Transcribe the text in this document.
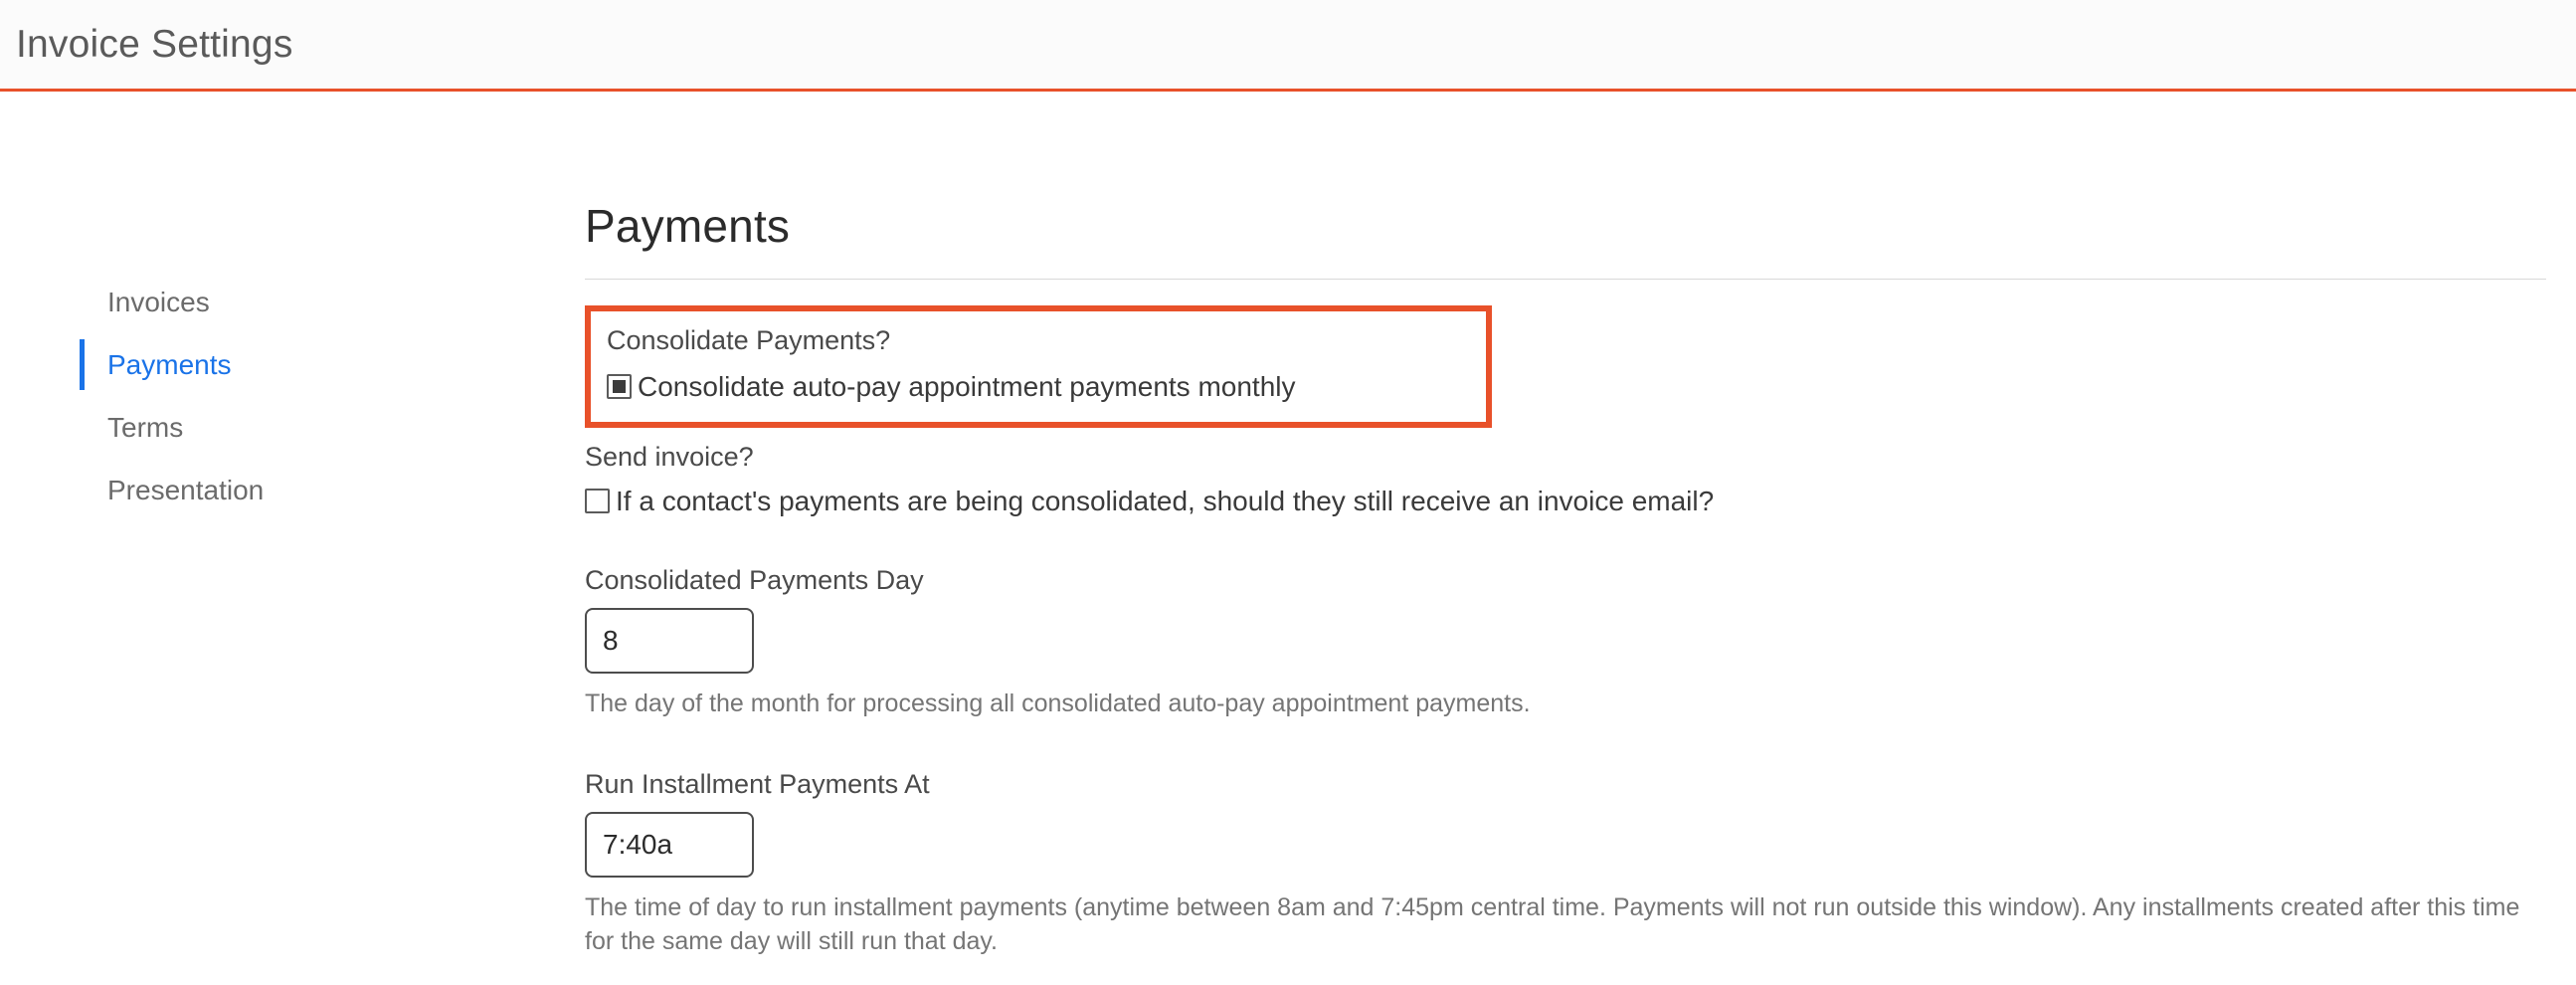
Invoice Settings
Invoices
Payments
Terms
Presentation
Payments
Consolidate Payments?
Consolidate auto-pay appointment payments monthly
Send invoice?
If a contact's payments are being consolidated, should they still receive an invoice email?
Consolidated Payments Day
8
The day of the month for processing all consolidated auto-pay appointment payments.
Run Installment Payments At
7:40a
The time of day to run installment payments (anytime between 8am and 7:45pm central time. Payments will not run outside this window). Any installments created after this time for the same day will still run that day.
